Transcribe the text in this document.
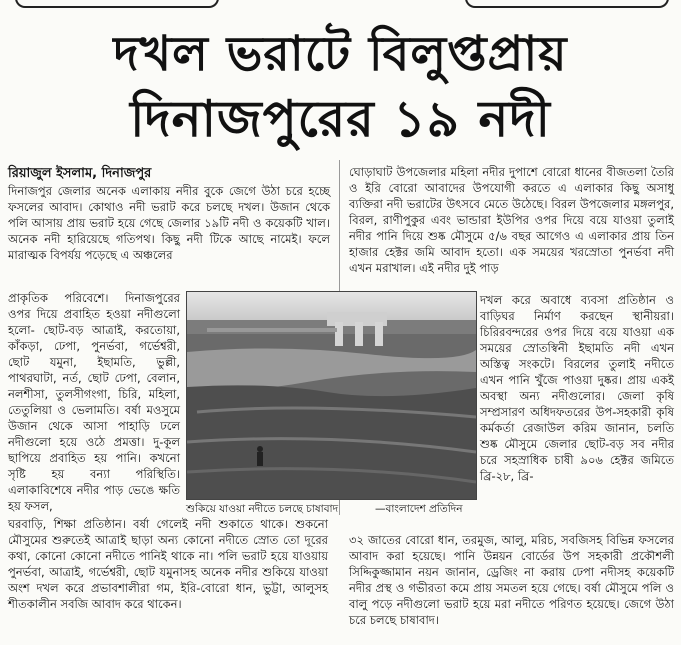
দখল ভরাটে বিলুপ্তপ্রায়
দিনাজপুরের ১৯ নদী
রিয়াজুল ইসলাম, দিনাজপুর

দিনাজপুর জেলার অনেক এলাকায় নদীর বুকে জেগে উঠা চরে হচ্ছে ফসলের আবাদ। কোথাও নদী ভরাট করে চলছে দখল। উজান থেকে পলি আসায় প্রায় ভরাট হয়ে গেছে জেলার ১৯টি নদী ও কয়েকটি খাল। অনেক নদী হারিয়েছে গতিপথ। কিছু নদী টিকে আছে নামেই। ফলে মারাত্মক বিপর্যয় পড়েছে এ অঞ্চলের

প্রাকৃতিক পরিবেশে। দিনাজপুরের ওপর দিয়ে প্রবাহিত হওয়া নদীগুলো হলো- ছোট-বড় আত্রাই, করতোয়া, কাঁকড়া, ঢেপা, পুনর্ভবা, গর্ভেশ্বরী, ছোট যমুনা, ইছামতি, ভুল্লী, পাথরঘাটা, নর্ত, ছোট ঢেপা, বেলান, নলশীসা, তুলসীগংগা, চিরি, মহিলা, তেতুলিয়া ও ভেলামতি। বর্ষা মওসুমে উজান থেকে আসা পাহাড়ি ঢলে নদীগুলো হয়ে ওঠে প্রমত্তা। দু-কূল ছাপিয়ে প্রবাহিত হয় পানি। কখনো সৃষ্টি হয় বন্যা পরিস্থিতি। এলাকাবিশেষে নদীর পাড় ভেঙে ক্ষতি হয় ফসল,	শুকিয়ে যাওয়া নদীতে চলছে চাষাবাদ	—বাংলাদেশ প্রতিদিন
ঘরবাড়ি, শিক্ষা প্রতিষ্ঠান। বর্ষা গেলেই নদী শুকাতে থাকে। শুকনো মৌসুমের শুরুতেই আত্রাই ছাড়া অন্য কোনো নদীতে স্রোত তো দূরের কথা, কোনো কোনো নদীতে পানিই থাকে না। পলি ভরাট হয়ে যাওয়ায় পুনর্ভবা, আত্রাই, গর্ভেশ্বরী, ছোট যমুনাসহ অনেক নদীর শুকিয়ে যাওয়া অংশ দখল করে প্রভাবশালীরা গম, ইরি-বোরো ধান, ভুট্টা, আলুসহ শীতকালীন সবজি আবাদ করে থাকেন।
ঘোড়াঘাট উপজেলার মহিলা নদীর দুপাশে বোরো ধানের বীজতলা তৈরি ও ইরি বোরো আবাদের উপযোগী করতে এ এলাকার কিছু অসাধু ব্যক্তিরা নদী ভরাটের উৎসবে মেতে উঠেছে। বিরল উপজেলার মঙ্গলপুর, বিরল, রাণীপুকুর এবং ভান্ডারা ইউপির ওপর দিয়ে বয়ে যাওয়া তুলাই নদীর পানি দিয়ে শুষ্ক মৌসুমে ৫/৬ বছর আগেও এ এলাকার প্রায় তিন হাজার হেক্টর জমি আবাদ হতো। এক সময়ের খরস্রোতা পুনর্ভবা নদী এখন মরাখাল। এই নদীর দুই পাড়
দখল করে অবাধে ব্যবসা প্রতিষ্ঠান ও বাড়িঘর নির্মাণ করছেন স্থানীয়রা। চিরিরবন্দরের ওপর দিয়ে বয়ে যাওয়া এক সময়ের স্রোতস্বিনী ইছামতি নদী এখন অস্তিত্ব সংকটে। বিরলের তুলাই নদীতে এখন পানি খুঁজে পাওয়া দুষ্কর। প্রায় একই অবস্থা অন্য নদীগুলোর। জেলা কৃষি সম্প্রসারণ অধিদফতরের উপ-সহকারী কৃষি কর্মকর্তা রেজাউল করিম জানান, চলতি শুষ্ক মৌসুমে জেলার ছোট-বড় সব নদীর চরে সহস্রাধিক চাষী ৯০৬ হেক্টর জমিতে ব্রি-২৮, ব্রি-
৩২ জাতের বোরো ধান, তরমুজ, আলু, মরিচ, সবজিসহ বিভিন্ন ফসলের আবাদ করা হয়েছে। পানি উন্নয়ন বোর্ডের উপ সহকারী প্রকৌশলী সিদ্দিকুজ্জামান নয়ন জানান, ড্রেজিং না করায় ঢেপা নদীসহ কয়েকটি নদীর প্রস্থ ও গভীরতা কমে প্রায় সমতল হয়ে গেছে। বর্ষা মৌসুমে পলি ও বালু পড়ে নদীগুলো ভরাট হয়ে মরা নদীতে পরিণত হয়েছে। জেগে উঠা চরে চলছে চাষাবাদ।
